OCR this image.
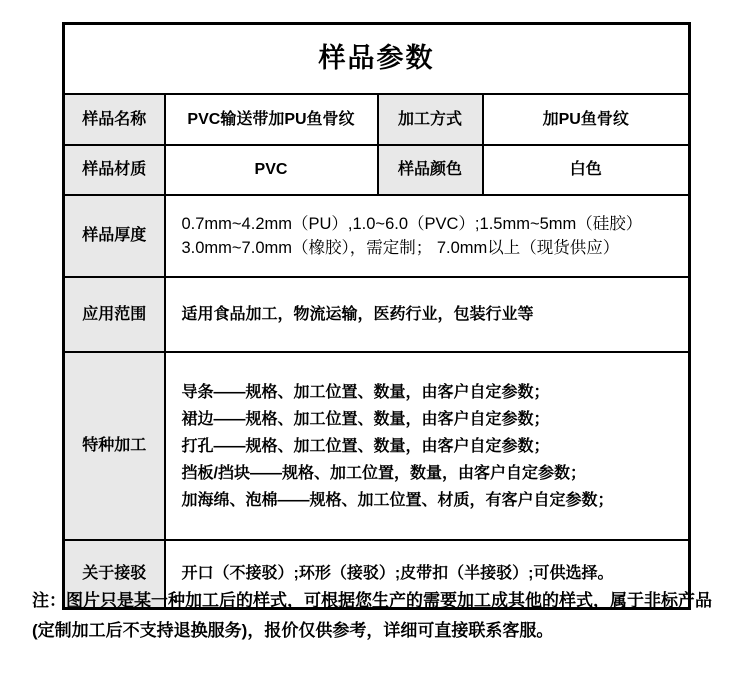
样品参数			
样品名称	PVC输送带加PU鱼骨纹	加工方式	加PU鱼骨纹
样品材质	PVC	样品颜色	白色
样品厚度	0.7mm~4.2mm（PU）,1.0~6.0（PVC）;1.5mm~5mm（硅胶）
3.0mm~7.0mm（橡胶），需定制； 7.0mm以上（现货供应）		

应用范围	适用食品加工，物流运输，医药行业，包装行业等		
特种加工	导条——规格、加工位置、数量，由客户自定参数；
裙边——规格、加工位置、数量，由客户自定参数；
打孔——规格、加工位置、数量，由客户自定参数；
挡板/挡块——规格、加工位置，数量，由客户自定参数；
加海绵、泡棉——规格、加工位置、材质，有客户自定参数；		

关于接驳	开口（不接驳）;环形（接驳）;皮带扣（半接驳）;可供选择。		
注：图片只是某一种加工后的样式，可根据您生产的需要加工成其他的样式，属于非标产品(定制加工后不支持退换服务)，报价仅供参考，详细可直接联系客服。
